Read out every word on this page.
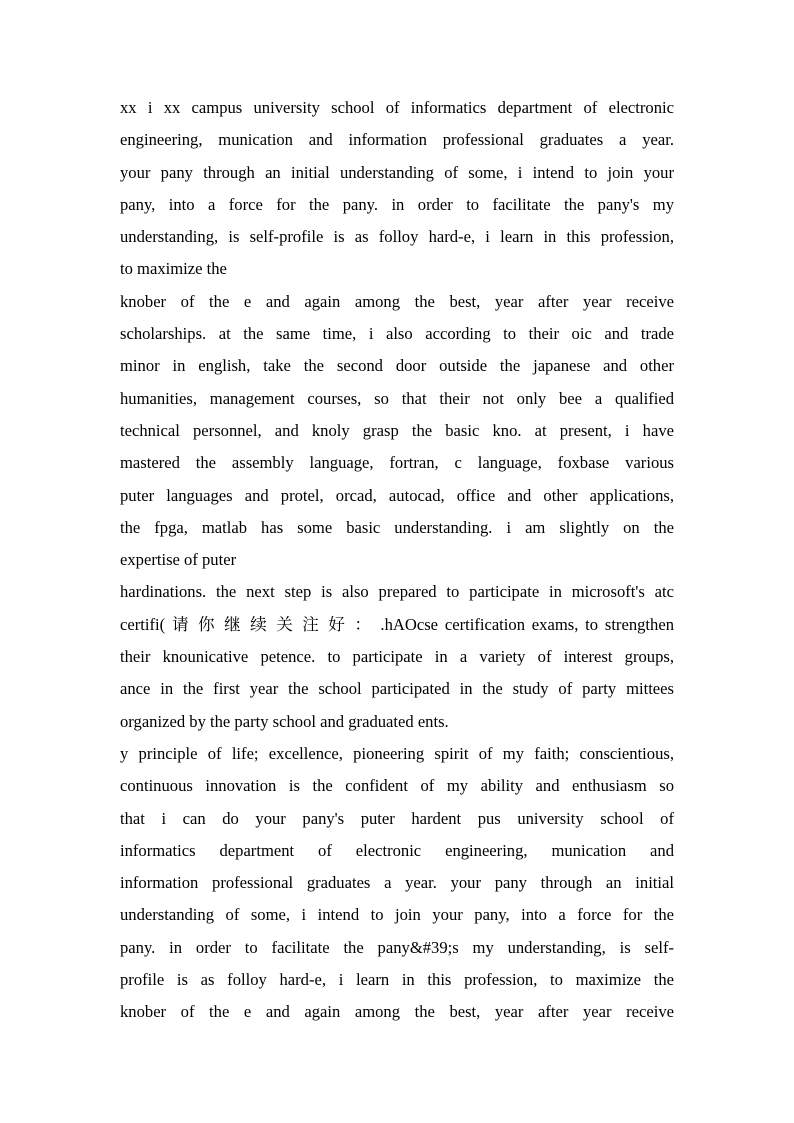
xx i xx campus university school of informatics department of electronic
engineering, munication and information professional graduates a year.
your pany through an initial understanding of some, i intend to join your
pany, into a force for the pany. in order to facilitate the pany's my
understanding, is self-profile is as folloy hard-e, i learn in this profession,
to maximize the
knober of the e and again among the best, year after year receive
scholarships. at the same time, i also according to their oic and trade
minor in english, take the second door outside the japanese and other
humanities, management courses, so that their not only bee a qualified
technical personnel, and knoly grasp the basic kno. at present, i have
mastered the assembly language, fortran, c language, foxbase various
puter languages and protel, orcad, autocad, office and other applications,
the fpga, matlab has some basic understanding. i am slightly on the
expertise of puter
hardinations. the next step is also prepared to participate in microsoft's atc
certifi( 请 你 继 续 关 注 好 ： .hAOcse certification exams, to strengthen
their knounicative petence. to participate in a variety of interest groups,
ance in the first year the school participated in the study of party mittees
organized by the party school and graduated ents.
y principle of life; excellence, pioneering spirit of my faith; conscientious,
continuous innovation is the confident of my ability and enthusiasm so
that i can do your pany's puter hardent pus university school of
informatics department of electronic engineering, munication and
information professional graduates a year. your pany through an initial
understanding of some, i intend to join your pany, into a force for the
pany. in order to facilitate the pany&#39;s my understanding, is self-
profile is as folloy hard-e, i learn in this profession, to maximize the
knober of the e and again among the best, year after year receive
